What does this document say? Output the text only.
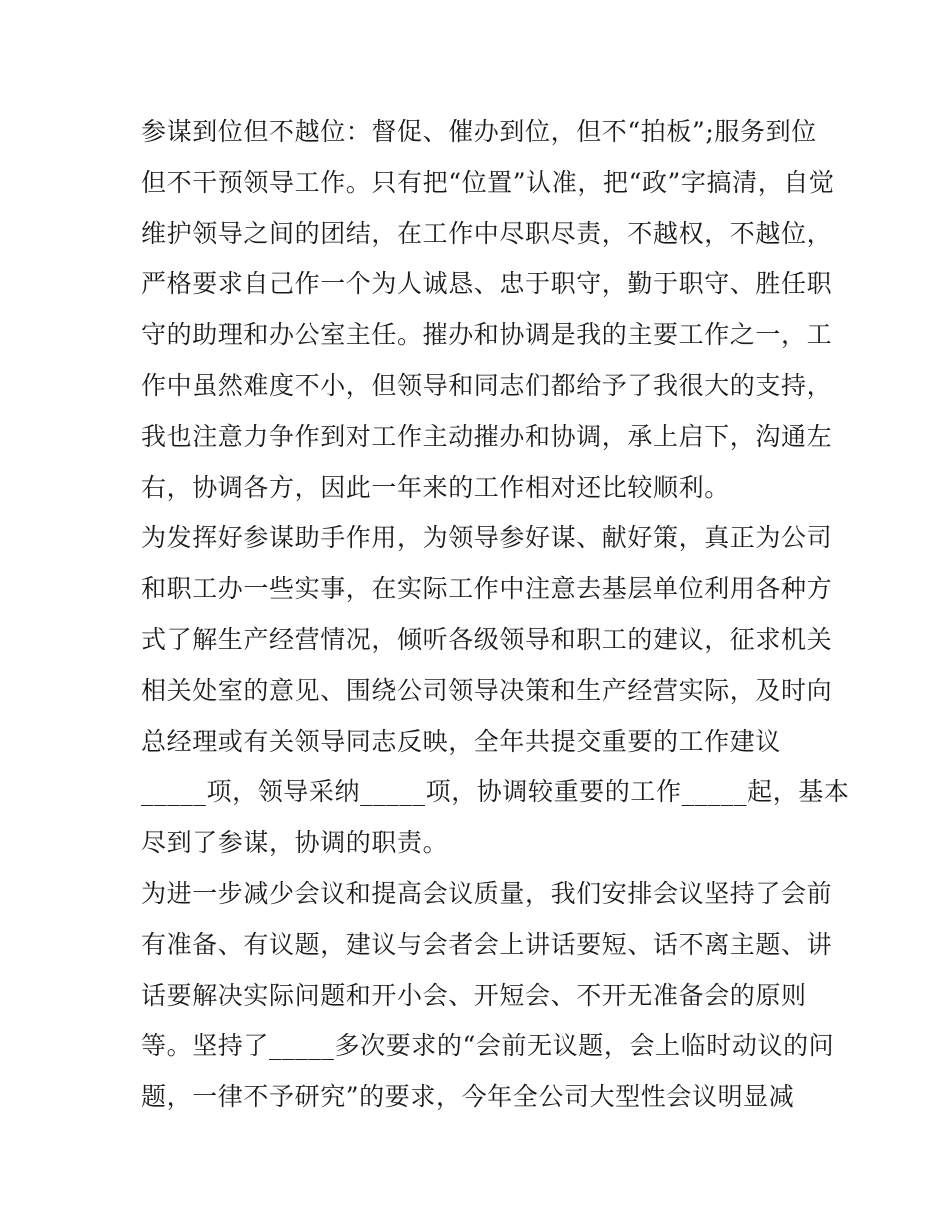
参谋到位但不越位：督促、催办到位，但不“拍板”;服务到位
但不干预领导工作。只有把“位置”认准，把“政”字搞清，自觉
维护领导之间的团结，在工作中尽职尽责，不越权，不越位，
严格要求自己作一个为人诚恳、忠于职守，勤于职守、胜任职
守的助理和办公室主任。摧办和协调是我的主要工作之一，工
作中虽然难度不小，但领导和同志们都给予了我很大的支持，
我也注意力争作到对工作主动摧办和协调，承上启下，沟通左
右，协调各方，因此一年来的工作相对还比较顺利。
为发挥好参谋助手作用，为领导参好谋、献好策，真正为公司
和职工办一些实事，在实际工作中注意去基层单位利用各种方
式了解生产经营情况，倾听各级领导和职工的建议，征求机关
相关处室的意见、围绕公司领导决策和生产经营实际，及时向
总经理或有关领导同志反映，全年共提交重要的工作建议
_____项，领导采纳_____项，协调较重要的工作_____起，基本
尽到了参谋，协调的职责。
为进一步减少会议和提高会议质量，我们安排会议坚持了会前
有准备、有议题，建议与会者会上讲话要短、话不离主题、讲
话要解决实际问题和开小会、开短会、不开无准备会的原则
等。坚持了_____多次要求的“会前无议题，会上临时动议的问
题，一律不予研究”的要求，今年全公司大型性会议明显减
